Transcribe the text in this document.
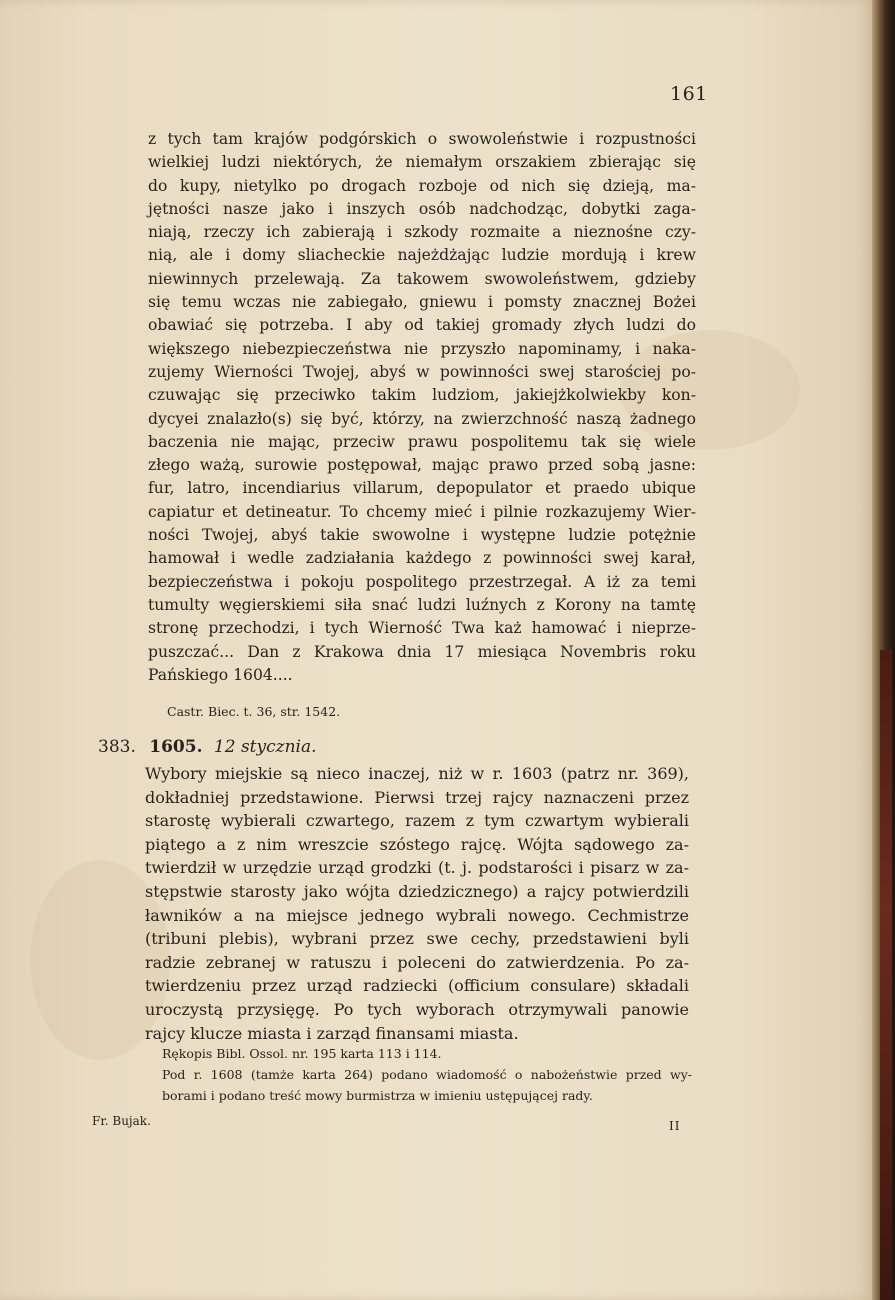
161
z tych tam krajów podgórskich o swowoleństwie i rozpustności
wielkiej ludzi niektórych, że niemałym orszakiem zbierając się
do kupy, nietylko po drogach rozboje od nich się dzieją, ma-
jętności nasze jako i inszych osób nadchodząc, dobytki zaga-
niają, rzeczy ich zabierają i szkody rozmaite a nieznośne czy-
nią, ale i domy sliacheckie najeżdżając ludzie mordują i krew
niewinnych przelewają. Za takowem swowoleństwem, gdzieby
się temu wczas nie zabiegało, gniewu i pomsty znacznej Bożei
obawiać się potrzeba. I aby od takiej gromady złych ludzi do
większego niebezpieczeństwa nie przyszło napominamy, i naka-
zujemy Wierności Twojej, abyś w powinności swej starościej po-
czuwając się przeciwko takim ludziom, jakiejżkolwiekby kon-
dycyei znalazło(s) się być, którzy, na zwierzchność naszą żadnego
baczenia nie mając, przeciw prawu pospolitemu tak się wiele
złego ważą, surowie postępował, mając prawo przed sobą jasne:
fur, latro, incendiarius villarum, depopulator et praedo ubique
capiatur et detineatur. To chcemy mieć i pilnie rozkazujemy Wier-
ności Twojej, abyś takie swowolne i występne ludzie potężnie
hamował i wedle zadziałania każdego z powinności swej karał,
bezpieczeństwa i pokoju pospolitego przestrzegał. A iż za temi
tumulty węgierskiemi siła snać ludzi luźnych z Korony na tamtę
stronę przechodzi, i tych Wierność Twa każ hamować i nieprze-
puszczać... Dan z Krakowa dnia 17 miesiąca Novembris roku
Pańskiego 1604....
Castr. Biec. t. 36, str. 1542.
383. 1605. 12 stycznia.
Wybory miejskie są nieco inaczej, niż w r. 1603 (patrz nr. 369),
dokładniej przedstawione. Pierwsi trzej rajcy naznaczeni przez
starostę wybierali czwartego, razem z tym czwartym wybierali
piątego a z nim wreszcie szóstego rajcę. Wójta sądowego za-
twierdził w urzędzie urząd grodzki (t. j. podstarości i pisarz w za-
stępstwie starosty jako wójta dziedzicznego) a rajcy potwierdzili
ławników a na miejsce jednego wybrali nowego. Cechmistrze
(tribuni plebis), wybrani przez swe cechy, przedstawieni byli
radzie zebranej w ratuszu i poleceni do zatwierdzenia. Po za-
twierdzeniu przez urząd radziecki (officium consulare) składali
uroczystą przysięgę. Po tych wyborach otrzymywali panowie
rajcy klucze miasta i zarząd finansami miasta.
Rękopis Bibl. Ossol. nr. 195 karta 113 i 114.
Pod r. 1608 (tamże karta 264) podano wiadomość o nabożeństwie przed wy-
borami i podano treść mowy burmistrza w imieniu ustępującej rady.
Fr. Bujak.	II
